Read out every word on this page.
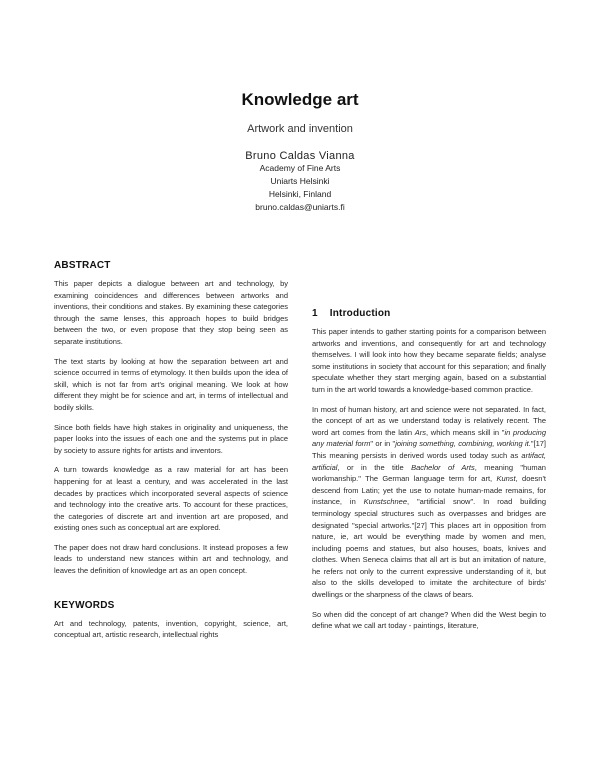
Knowledge art
Artwork and invention
Bruno Caldas Vianna
Academy of Fine Arts
Uniarts Helsinki
Helsinki, Finland
bruno.caldas@uniarts.fi
ABSTRACT

This paper depicts a dialogue between art and technology, by examining coincidences and differences between artworks and inventions, their conditions and stakes. By examining these categories through the same lenses, this approach hopes to build bridges between the two, or even propose that they stop being seen as separate institutions.

The text starts by looking at how the separation between art and science occurred in terms of etymology. It then builds upon the idea of skill, which is not far from art's original meaning. We look at how different they might be for science and art, in terms of intellectual and bodily skills.

Since both fields have high stakes in originality and uniqueness, the paper looks into the issues of each one and the systems put in place by society to assure rights for artists and inventors.

A turn towards knowledge as a raw material for art has been happening for at least a century, and was accelerated in the last decades by practices which incorporated several aspects of science and technology into the creative arts. To account for these practices, the categories of discrete art and invention art are proposed, and existing ones such as conceptual art are explored.

The paper does not draw hard conclusions. It instead proposes a few leads to understand new stances within art and technology, and leaves the definition of knowledge art as an open concept.

KEYWORDS

Art and technology, patents, invention, copyright, science, art, conceptual art, artistic research, intellectual rights

1 Introduction

This paper intends to gather starting points for a comparison between artworks and inventions, and consequently for art and technology themselves. I will look into how they became separate fields; analyse some institutions in society that account for this separation; and finally speculate whether they start merging again, based on a substantial turn in the art world towards a knowledge-based common practice.

In most of human history, art and science were not separated. In fact, the concept of art as we understand today is relatively recent. The word art comes from the latin Ars, which means skill in "in producing any material form" or in "joining something, combining, working it."[17] This meaning persists in derived words used today such as artifact, artificial, or in the title Bachelor of Arts, meaning "human workmanship." The German language term for art, Kunst, doesn't descend from Latin; yet the use to notate human-made remains, for instance, in Kunstschnee, "artificial snow". In road building terminology special structures such as overpasses and bridges are designated "special artworks."[27] This places art in opposition from nature, ie, art would be everything made by women and men, including poems and statues, but also houses, boats, knives and clothes. When Seneca claims that all art is but an imitation of nature, he refers not only to the current expressive understanding of it, but also to the skills developed to imitate the architecture of birds' dwellings or the sharpness of the claws of bears.

So when did the concept of art change? When did the West begin to define what we call art today - paintings, literature,
